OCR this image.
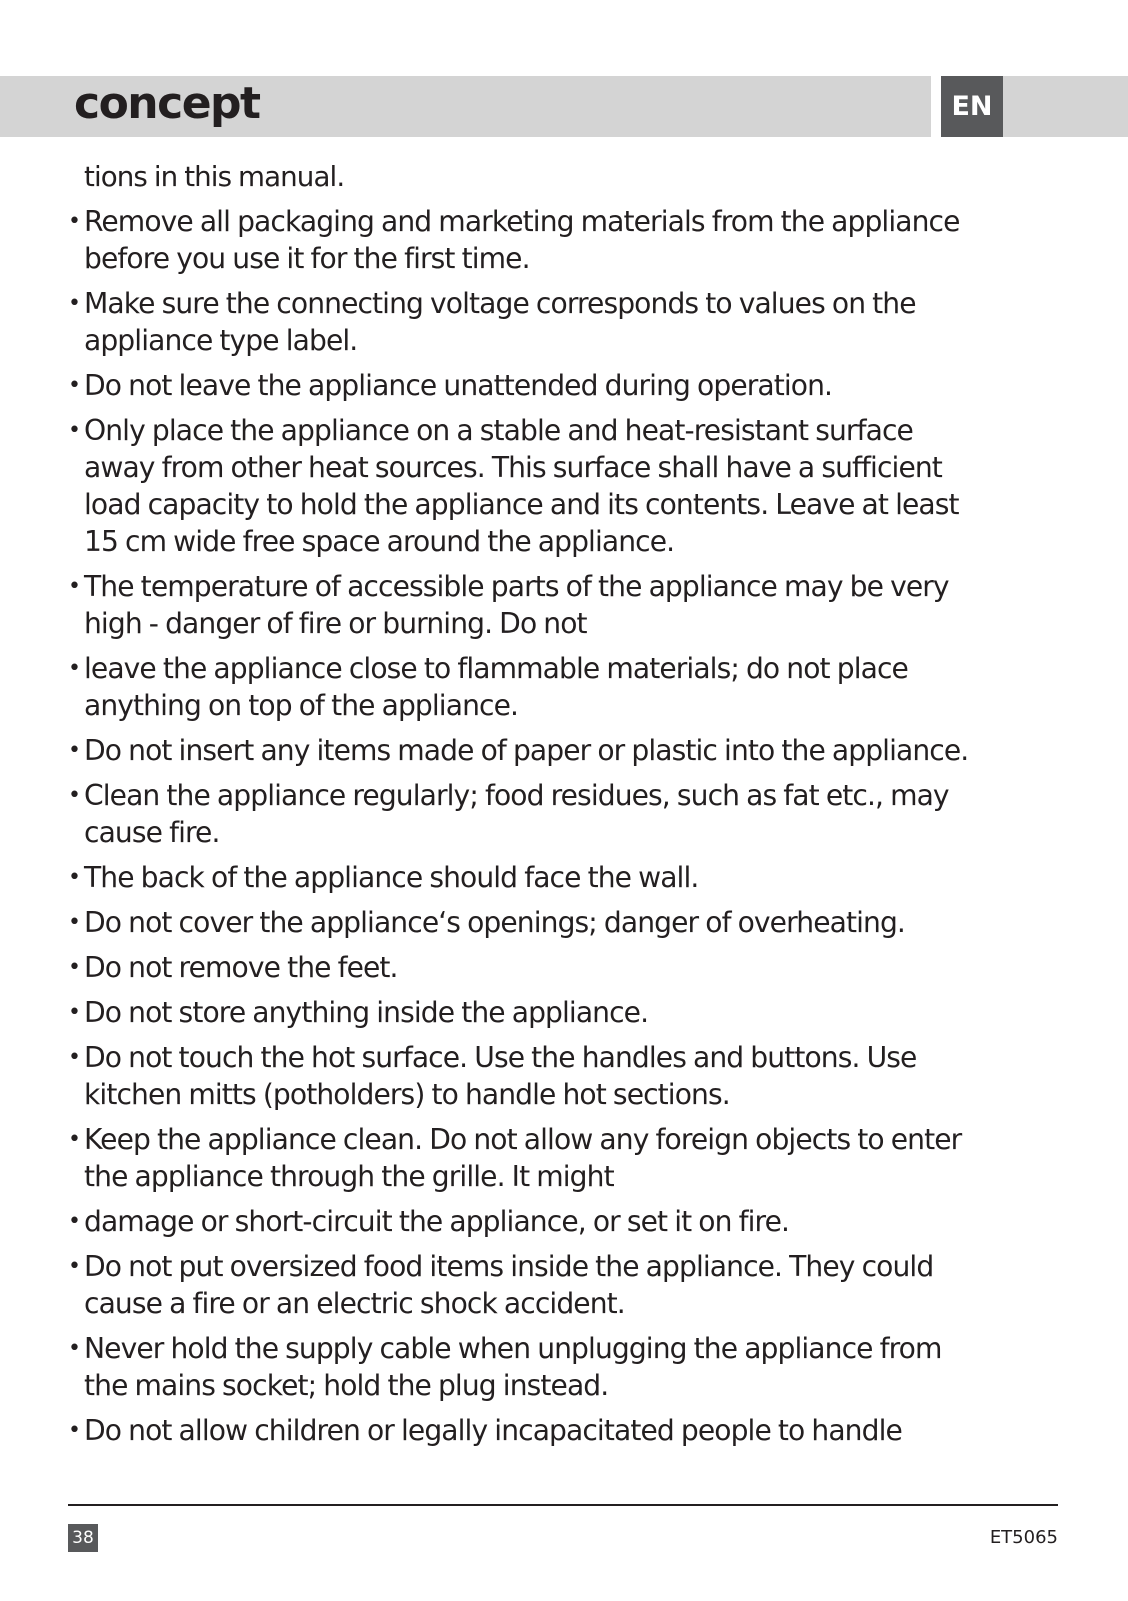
concept	EN
tions in this manual.
• Remove all packaging and marketing materials from the appliance
before you use it for the first time.
• Make sure the connecting voltage corresponds to values on the
appliance type label.
• Do not leave the appliance unattended during operation.
• Only place the appliance on a stable and heat-resistant surface
away from other heat sources. This surface shall have a sufficient
load capacity to hold the appliance and its contents. Leave at least
15 cm wide free space around the appliance.
• The temperature of accessible parts of the appliance may be very
high - danger of fire or burning. Do not
• leave the appliance close to flammable materials; do not place
anything on top of the appliance.
• Do not insert any items made of paper or plastic into the appliance.
• Clean the appliance regularly; food residues, such as fat etc., may
cause fire.
• The back of the appliance should face the wall.
• Do not cover the appliance‘s openings; danger of overheating.
• Do not remove the feet.
• Do not store anything inside the appliance.
• Do not touch the hot surface. Use the handles and buttons. Use
kitchen mitts (potholders) to handle hot sections.
• Keep the appliance clean. Do not allow any foreign objects to enter
the appliance through the grille. It might
• damage or short-circuit the appliance, or set it on fire.
• Do not put oversized food items inside the appliance. They could
cause a fire or an electric shock accident.
• Never hold the supply cable when unplugging the appliance from
the mains socket; hold the plug instead.
• Do not allow children or legally incapacitated people to handle
38	ET5065
